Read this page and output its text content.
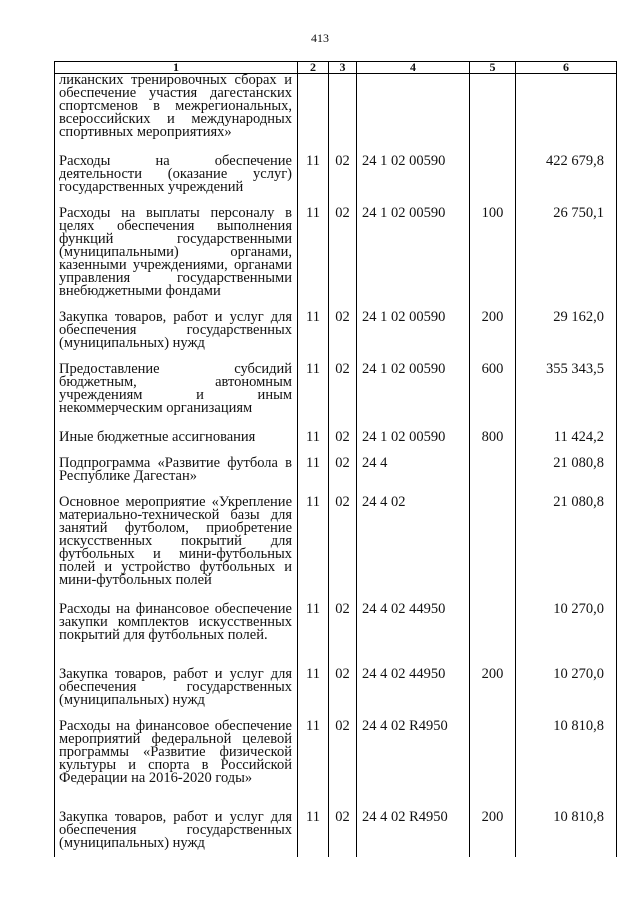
413
1	2	3	4	5	6
ликанских тренировочных сборах и обеспечение участия дагестанских спортсменов в межрегиональных, всероссийских и международных спортивных мероприятиях»					
Расходы на обеспечение деятельности (оказание услуг) государственных учреждений	11	02	24 1 02 00590		422 679,8
Расходы на выплаты персоналу в целях обеспечения выполнения функций государственными (муниципальными) органами, казенными учреждениями, органами управления государственными внебюджетными фондами	11	02	24 1 02 00590	100	26 750,1
Закупка товаров, работ и услуг для обеспечения государственных (муниципальных) нужд	11	02	24 1 02 00590	200	29 162,0
Предоставление субсидий бюджетным, автономным учреждениям и иным некоммерческим организациям	11	02	24 1 02 00590	600	355 343,5
Иные бюджетные ассигнования	11	02	24 1 02 00590	800	11 424,2
Подпрограмма «Развитие футбола в Республике Дагестан»	11	02	24 4		21 080,8
Основное мероприятие «Укрепление материально-технической базы для занятий футболом, приобретение искусственных покрытий для футбольных и мини-футбольных полей и устройство футбольных и мини-футбольных полей	11	02	24 4 02		21 080,8
Расходы на финансовое обеспечение закупки комплектов искусственных покрытий для футбольных полей.	11	02	24 4 02 44950		10 270,0
Закупка товаров, работ и услуг для обеспечения государственных (муниципальных) нужд	11	02	24 4 02 44950	200	10 270,0
Расходы на финансовое обеспечение мероприятий федеральной целевой программы «Развитие физической культуры и спорта в Российской Федерации на 2016-2020 годы»	11	02	24 4 02 R4950		10 810,8
Закупка товаров, работ и услуг для обеспечения государственных (муниципальных) нужд	11	02	24 4 02 R4950	200	10 810,8
